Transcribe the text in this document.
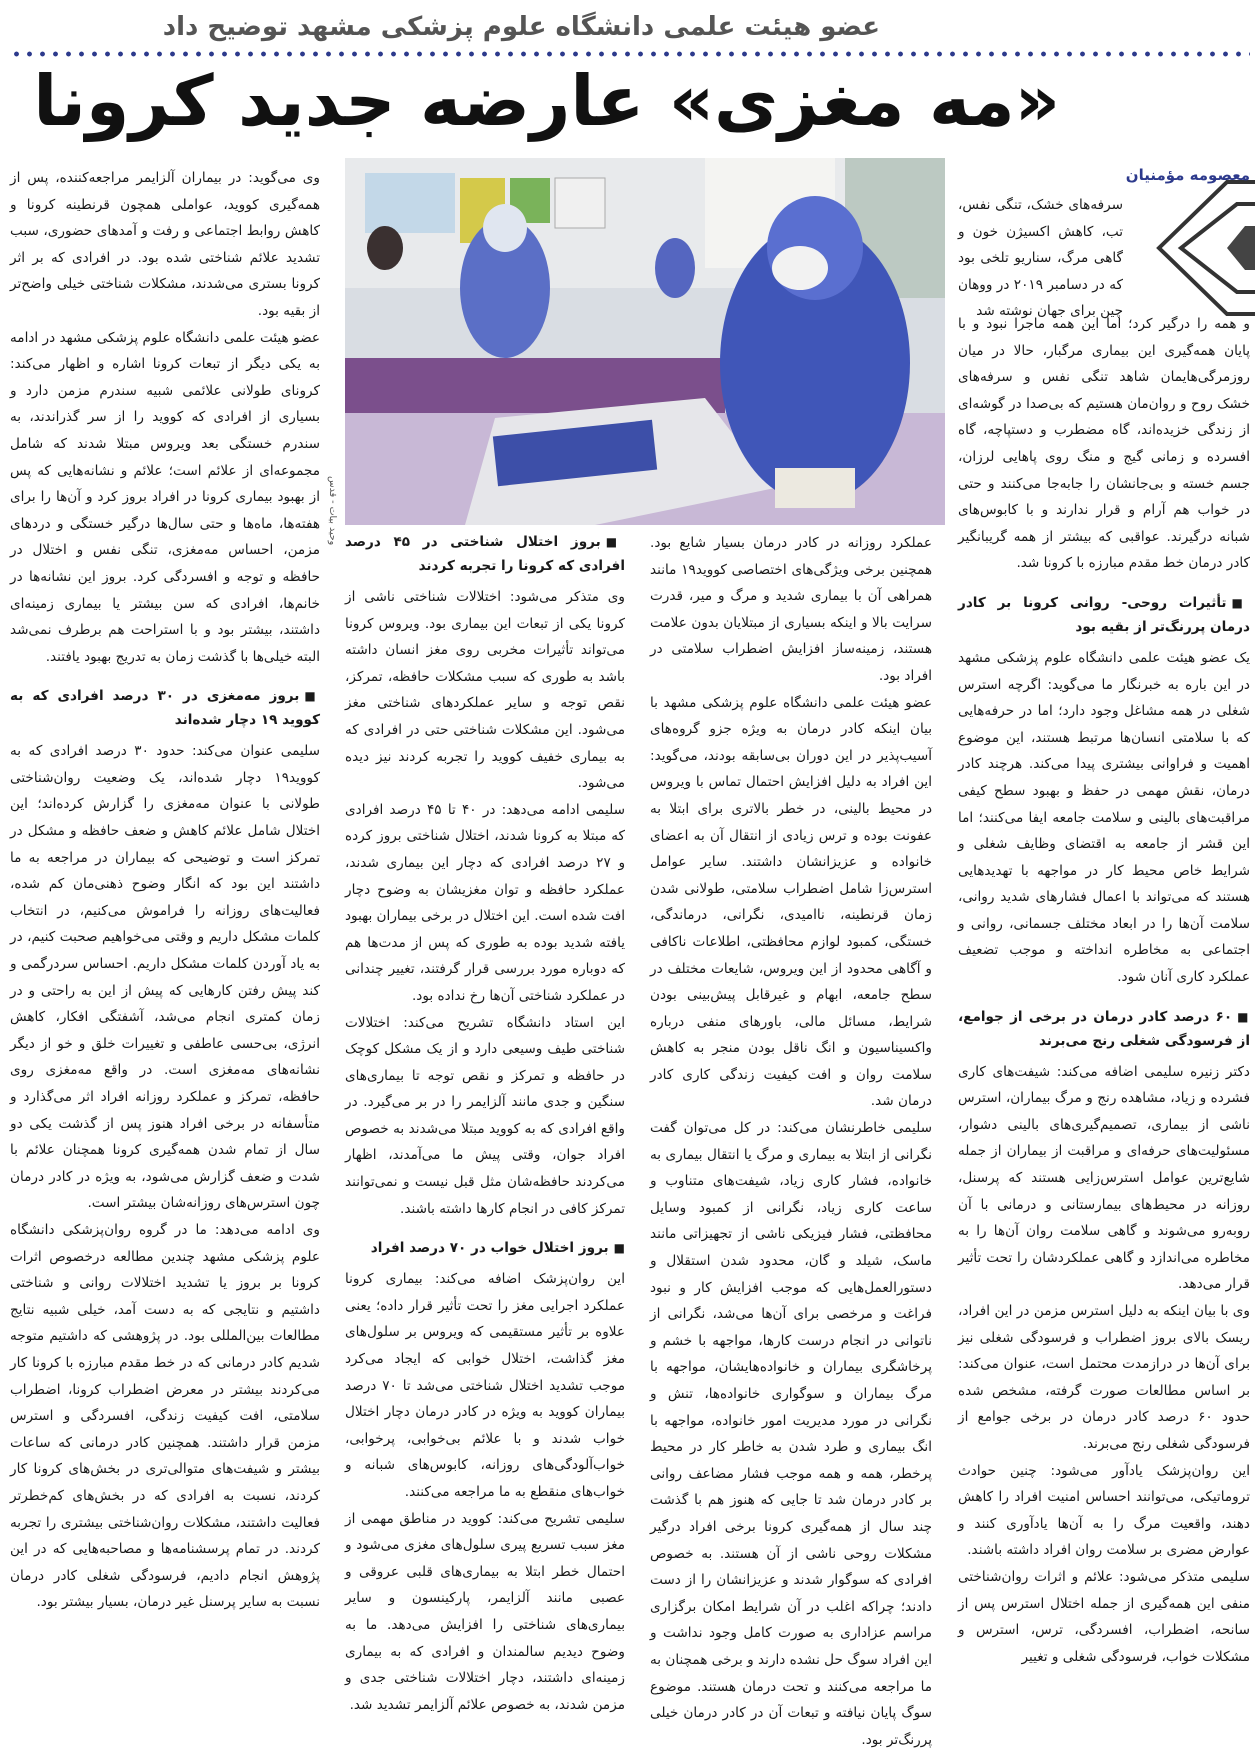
عضو هیئت علمی دانشگاه علوم پزشکی مشهد توضیح داد
«مه مغزی» عارضه جدید کرونا
معصومه مؤمنیان
سرفه‌های خشک، تنگی نفس، تب، کاهش اکسیژن خون و گاهی مرگ، سناریو تلخی بود که در دسامبر ۲۰۱۹ در ووهان چین برای جهان نوشته شد
وحید بیات - قدس

و همه را درگیر کرد؛ اما این همه ماجرا نبود و با پایان همه‌گیری این بیماری مرگبار، حالا در میان روزمرگی‌هایمان شاهد تنگی نفس و سرفه‌های خشک روح و روان‌مان هستیم که بی‌صدا در گوشه‌ای از زندگی خزیده‌اند، گاه مضطرب و دستپاچه، گاه افسرده و زمانی گیج و منگ روی پاهایی لرزان، جسم خسته و بی‌جانشان را جابه‌جا می‌کنند و حتی در خواب هم آرام و قرار ندارند و با کابوس‌های شبانه درگیرند. عواقبی که بیشتر از همه گریبانگیر کادر درمان خط مقدم مبارزه با کرونا شد.

■ تأثیرات روحی- روانی کرونا بر کادر درمان پررنگ‌تر از بقیه بود

یک عضو هیئت علمی دانشگاه علوم پزشکی مشهد در این باره به خبرنگار ما می‌گوید: اگرچه استرس شغلی در همه مشاغل وجود دارد؛ اما در حرفه‌هایی که با سلامتی انسان‌ها مرتبط هستند، این موضوع اهمیت و فراوانی بیشتری پیدا می‌کند. هرچند کادر درمان، نقش مهمی در حفظ و بهبود سطح کیفی مراقبت‌های بالینی و سلامت جامعه ایفا می‌کنند؛ اما این قشر از جامعه به اقتضای وظایف شغلی و شرایط خاص محیط کار در مواجهه با تهدیدهایی هستند که می‌تواند با اعمال فشارهای شدید روانی، سلامت آن‌ها را در ابعاد مختلف جسمانی، روانی و اجتماعی به مخاطره انداخته و موجب تضعیف عملکرد کاری آنان شود.

■ ۶۰ درصد کادر درمان در برخی از جوامع، از فرسودگی شغلی رنج می‌برند

دکتر زنیره سلیمی اضافه می‌کند: شیفت‌های کاری فشرده و زیاد، مشاهده رنج و مرگ بیماران، استرس ناشی از بیماری، تصمیم‌گیری‌های بالینی دشوار، مسئولیت‌های حرفه‌ای و مراقبت از بیماران از جمله شایع‌ترین عوامل استرس‌زایی هستند که پرسنل، روزانه در محیط‌های بیمارستانی و درمانی با آن روبه‌رو می‌شوند و گاهی سلامت روان آن‌ها را به مخاطره می‌اندازد و گاهی عملکردشان را تحت تأثیر قرار می‌دهد.

وی با بیان اینکه به دلیل استرس مزمن در این افراد، ریسک بالای بروز اضطراب و فرسودگی شغلی نیز برای آن‌ها در درازمدت محتمل است، عنوان می‌کند: بر اساس مطالعات صورت گرفته، مشخص شده حدود ۶۰ درصد کادر درمان در برخی جوامع از فرسودگی شغلی رنج می‌برند.

این روان‌پزشک یادآور می‌شود: چنین حوادث تروماتیکی، می‌توانند احساس امنیت افراد را کاهش دهند، واقعیت مرگ را به آن‌ها یادآوری کنند و عوارض مضری بر سلامت روان افراد داشته باشند.

سلیمی متذکر می‌شود: علائم و اثرات روان‌شناختی منفی این همه‌گیری از جمله اختلال استرس پس از سانحه، اضطراب، افسردگی، ترس، استرس و مشکلات خواب، فرسودگی شغلی و تغییر

عملکرد روزانه در کادر درمان بسیار شایع بود. همچنین برخی ویژگی‌های اختصاصی کووید۱۹ مانند همراهی آن با بیماری شدید و مرگ و میر، قدرت سرایت بالا و اینکه بسیاری از مبتلایان بدون علامت هستند، زمینه‌ساز افزایش اضطراب سلامتی در افراد بود.

عضو هیئت علمی دانشگاه علوم پزشکی مشهد با بیان اینکه کادر درمان به ویژه جزو گروه‌های آسیب‌پذیر در این دوران بی‌سابقه بودند، می‌گوید: این افراد به دلیل افزایش احتمال تماس با ویروس در محیط بالینی، در خطر بالاتری برای ابتلا به عفونت بوده و ترس زیادی از انتقال آن به اعضای خانواده و عزیزانشان داشتند. سایر عوامل استرس‌زا شامل اضطراب سلامتی، طولانی شدن زمان قرنطینه، ناامیدی، نگرانی، درماندگی، خستگی، کمبود لوازم محافظتی، اطلاعات ناکافی و آگاهی محدود از این ویروس، شایعات مختلف در سطح جامعه، ابهام و غیرقابل پیش‌بینی بودن شرایط، مسائل مالی، باورهای منفی درباره واکسیناسیون و انگ ناقل بودن منجر به کاهش سلامت روان و افت کیفیت زندگی کاری کادر درمان شد.

سلیمی خاطرنشان می‌کند: در کل می‌توان گفت نگرانی از ابتلا به بیماری و مرگ یا انتقال بیماری به خانواده، فشار کاری زیاد، شیفت‌های متناوب و ساعت کاری زیاد، نگرانی از کمبود وسایل محافظتی، فشار فیزیکی ناشی از تجهیزاتی مانند ماسک، شیلد و گان، محدود شدن استقلال و دستورالعمل‌هایی که موجب افزایش کار و نبود فراغت و مرخصی برای آن‌ها می‌شد، نگرانی از ناتوانی در انجام درست کارها، مواجهه با خشم و پرخاشگری بیماران و خانواده‌هایشان، مواجهه با مرگ بیماران و سوگواری خانواده‌ها، تنش و نگرانی در مورد مدیریت امور خانواده، مواجهه با انگ بیماری و طرد شدن به خاطر کار در محیط پرخطر، همه و همه موجب فشار مضاعف روانی بر کادر درمان شد تا جایی که هنوز هم با گذشت چند سال از همه‌گیری کرونا برخی افراد درگیر مشکلات روحی ناشی از آن هستند. به خصوص افرادی که سوگوار شدند و عزیزانشان را از دست دادند؛ چراکه اغلب در آن شرایط امکان برگزاری مراسم عزاداری به صورت کامل وجود نداشت و این افراد سوگ حل نشده دارند و برخی همچنان به ما مراجعه می‌کنند و تحت درمان هستند. موضوع سوگ پایان نیافته و تبعات آن در کادر درمان خیلی پررنگ‌تر بود.

■ بروز اختلال شناختی در ۴۵ درصد افرادی که کرونا را تجربه کردند

وی متذکر می‌شود: اختلالات شناختی ناشی از کرونا یکی از تبعات این بیماری بود. ویروس کرونا می‌تواند تأثیرات مخربی روی مغز انسان داشته باشد به طوری که سبب مشکلات حافظه، تمرکز، نقص توجه و سایر عملکردهای شناختی مغز می‌شود. این مشکلات شناختی حتی در افرادی که به بیماری خفیف کووید را تجربه کردند نیز دیده می‌شود.

سلیمی ادامه می‌دهد: در ۴۰ تا ۴۵ درصد افرادی که مبتلا به کرونا شدند، اختلال شناختی بروز کرده و ۲۷ درصد افرادی که دچار این بیماری شدند، عملکرد حافظه و توان مغزیشان به وضوح دچار افت شده است. این اختلال در برخی بیماران بهبود یافته شدید بوده به طوری که پس از مدت‌ها هم که دوباره مورد بررسی قرار گرفتند، تغییر چندانی در عملکرد شناختی آن‌ها رخ نداده بود.

این استاد دانشگاه تشریح می‌کند: اختلالات شناختی طیف وسیعی دارد و از یک مشکل کوچک در حافظه و تمرکز و نقص توجه تا بیماری‌های سنگین و جدی مانند آلزایمر را در بر می‌گیرد. در واقع افرادی که به کووید مبتلا می‌شدند به خصوص افراد جوان، وقتی پیش ما می‌آمدند، اظهار می‌کردند حافظه‌شان مثل قبل نیست و نمی‌توانند تمرکز کافی در انجام کارها داشته باشند.

■ بروز اختلال خواب در ۷۰ درصد افراد

این روان‌پزشک اضافه می‌کند: بیماری کرونا عملکرد اجرایی مغز را تحت تأثیر قرار داده؛ یعنی علاوه بر تأثیر مستقیمی که ویروس بر سلول‌های مغز گذاشت، اختلال خوابی که ایجاد می‌کرد موجب تشدید اختلال شناختی می‌شد تا ۷۰ درصد بیماران کووید به ویژه در کادر درمان دچار اختلال خواب شدند و با علائم بی‌خوابی، پرخوابی، خواب‌آلودگی‌های روزانه، کابوس‌های شبانه و خواب‌های منقطع به ما مراجعه می‌کنند.

سلیمی تشریح می‌کند: کووید در مناطق مهمی از مغز سبب تسریع پیری سلول‌های مغزی می‌شود و احتمال خطر ابتلا به بیماری‌های قلبی عروقی و عصبی مانند آلزایمر، پارکینسون و سایر بیماری‌های شناختی را افزایش می‌دهد. ما به وضوح دیدیم سالمندان و افرادی که به بیماری زمینه‌ای داشتند، دچار اختلالات شناختی جدی و مزمن شدند، به خصوص علائم آلزایمر تشدید شد.

وی می‌گوید: در بیماران آلزایمر مراجعه‌کننده، پس از همه‌گیری کووید، عواملی همچون قرنطینه کرونا و کاهش روابط اجتماعی و رفت و آمدهای حضوری، سبب تشدید علائم شناختی شده بود. در افرادی که بر اثر کرونا بستری می‌شدند، مشکلات شناختی خیلی واضح‌تر از بقیه بود.

عضو هیئت علمی دانشگاه علوم پزشکی مشهد در ادامه به یکی دیگر از تبعات کرونا اشاره و اظهار می‌کند: کرونای طولانی علائمی شبیه سندرم مزمن دارد و بسیاری از افرادی که کووید را از سر گذراندند، به سندرم خستگی بعد ویروس مبتلا شدند که شامل مجموعه‌ای از علائم است؛ علائم و نشانه‌هایی که پس از بهبود بیماری کرونا در افراد بروز کرد و آن‌ها را برای هفته‌ها، ماه‌ها و حتی سال‌ها درگیر خستگی و دردهای مزمن، احساس مه‌مغزی، تنگی نفس و اختلال در حافظه و توجه و افسردگی کرد. بروز این نشانه‌ها در خانم‌ها، افرادی که سن بیشتر یا بیماری زمینه‌ای داشتند، بیشتر بود و با استراحت هم برطرف نمی‌شد البته خیلی‌ها با گذشت زمان به تدریج بهبود یافتند.

■ بروز مه‌مغزی در ۳۰ درصد افرادی که به کووید ۱۹ دچار شده‌اند

سلیمی عنوان می‌کند: حدود ۳۰ درصد افرادی که به کووید۱۹ دچار شده‌اند، یک وضعیت روان‌شناختی طولانی با عنوان مه‌مغزی را گزارش کرده‌اند؛ این اختلال شامل علائم کاهش و ضعف حافظه و مشکل در تمرکز است و توضیحی که بیماران در مراجعه به ما داشتند این بود که انگار وضوح ذهنی‌مان کم شده، فعالیت‌های روزانه را فراموش می‌کنیم، در انتخاب کلمات مشکل داریم و وقتی می‌خواهیم صحبت کنیم، در به یاد آوردن کلمات مشکل داریم. احساس سردرگمی و کند پیش رفتن کارهایی که پیش از این به راحتی و در زمان کمتری انجام می‌شد، آشفتگی افکار، کاهش انرژی، بی‌حسی عاطفی و تغییرات خلق و خو از دیگر نشانه‌های مه‌مغزی است. در واقع مه‌مغزی روی حافظه، تمرکز و عملکرد روزانه افراد اثر می‌گذارد و متأسفانه در برخی افراد هنوز پس از گذشت یکی دو سال از تمام شدن همه‌گیری کرونا همچنان علائم با شدت و ضعف گزارش می‌شود، به ویژه در کادر درمان چون استرس‌های روزانه‌شان بیشتر است.

وی ادامه می‌دهد: ما در گروه روان‌پزشکی دانشگاه علوم پزشکی مشهد چندین مطالعه درخصوص اثرات کرونا بر بروز یا تشدید اختلالات روانی و شناختی داشتیم و نتایجی که به دست آمد، خیلی شبیه نتایج مطالعات بین‌المللی بود. در پژوهشی که داشتیم متوجه شدیم کادر درمانی که در خط مقدم مبارزه با کرونا کار می‌کردند بیشتر در معرض اضطراب کرونا، اضطراب سلامتی، افت کیفیت زندگی، افسردگی و استرس مزمن قرار داشتند. همچنین کادر درمانی که ساعات بیشتر و شیفت‌های متوالی‌تری در بخش‌های کرونا کار کردند، نسبت به افرادی که در بخش‌های کم‌خطرتر فعالیت داشتند، مشکلات روان‌شناختی بیشتری را تجربه کردند. در تمام پرسشنامه‌ها و مصاحبه‌هایی که در این پژوهش انجام دادیم، فرسودگی شغلی کادر درمان نسبت به سایر پرسنل غیر درمان، بسیار بیشتر بود.
